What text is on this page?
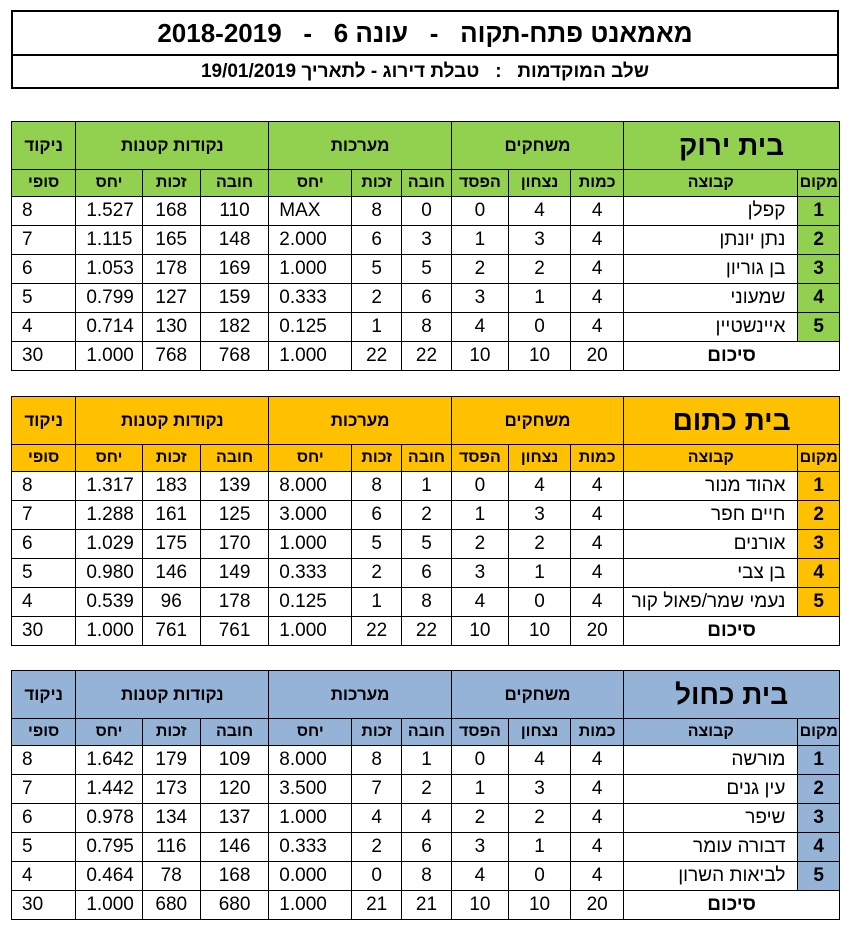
מאמאנט פתח-תקוה   -   עונה 6   -   2018-2019
שלב המוקדמות   :   טבלת דירוג - לתאריך 19/01/2019
ניקוד	נקודות קטנות			מערכות			משחקים			בית ירוק	
סופי	יחס	זכות	חובה	יחס	זכות	חובה	הפסד	נצחון	כמות	קבוצה	מקום
8	1.527	168	110	MAX	8	0	0	4	4	קפלן	1
7	1.115	165	148	2.000	6	3	1	3	4	נתן יונתן	2
6	1.053	178	169	1.000	5	5	2	2	4	בן גוריון	3
5	0.799	127	159	0.333	2	6	3	1	4	שמעוני	4
4	0.714	130	182	0.125	1	8	4	0	4	איינשטיין	5
30	1.000	768	768	1.000	22	22	10	10	20	סיכום	
ניקוד	נקודות קטנות			מערכות			משחקים			בית כתום	
סופי	יחס	זכות	חובה	יחס	זכות	חובה	הפסד	נצחון	כמות	קבוצה	מקום
8	1.317	183	139	8.000	8	1	0	4	4	אהוד מנור	1
7	1.288	161	125	3.000	6	2	1	3	4	חיים חפר	2
6	1.029	175	170	1.000	5	5	2	2	4	אורנים	3
5	0.980	146	149	0.333	2	6	3	1	4	בן צבי	4
4	0.539	96	178	0.125	1	8	4	0	4	נעמי שמר/פאול קור	5
30	1.000	761	761	1.000	22	22	10	10	20	סיכום	
ניקוד	נקודות קטנות			מערכות			משחקים			בית כחול	
סופי	יחס	זכות	חובה	יחס	זכות	חובה	הפסד	נצחון	כמות	קבוצה	מקום
8	1.642	179	109	8.000	8	1	0	4	4	מורשה	1
7	1.442	173	120	3.500	7	2	1	3	4	עין גנים	2
6	0.978	134	137	1.000	4	4	2	2	4	שיפר	3
5	0.795	116	146	0.333	2	6	3	1	4	דבורה עומר	4
4	0.464	78	168	0.000	0	8	4	0	4	לביאות השרון	5
30	1.000	680	680	1.000	21	21	10	10	20	סיכום	
